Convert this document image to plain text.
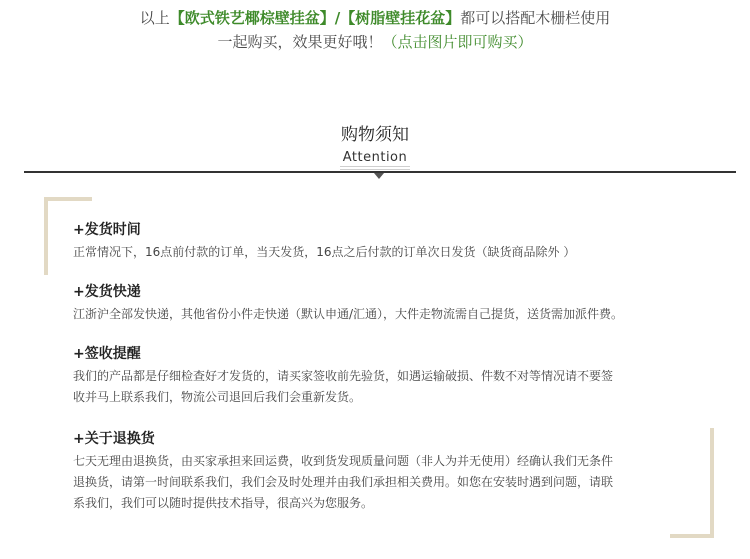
以上【欧式铁艺椰棕壁挂盆】/【树脂壁挂花盆】都可以搭配木栅栏使用
一起购买，效果更好哦！（点击图片即可购买）
购物须知
Attention
+发货时间
正常情况下，16点前付款的订单，当天发货，16点之后付款的订单次日发货（缺货商品除外 ）
+发货快递
江浙沪全部发快递，其他省份小件走快递（默认申通/汇通），大件走物流需自己提货，送货需加派件费。
+签收提醒
我们的产品都是仔细检查好才发货的，请买家签收前先验货，如遇运输破损、件数不对等情况请不要签
收并马上联系我们，物流公司退回后我们会重新发货。
+关于退换货
七天无理由退换货，由买家承担来回运费，收到货发现质量问题（非人为并无使用）经确认我们无条件
退换货，请第一时间联系我们，我们会及时处理并由我们承担相关费用。如您在安装时遇到问题，请联
系我们，我们可以随时提供技术指导，很高兴为您服务。
